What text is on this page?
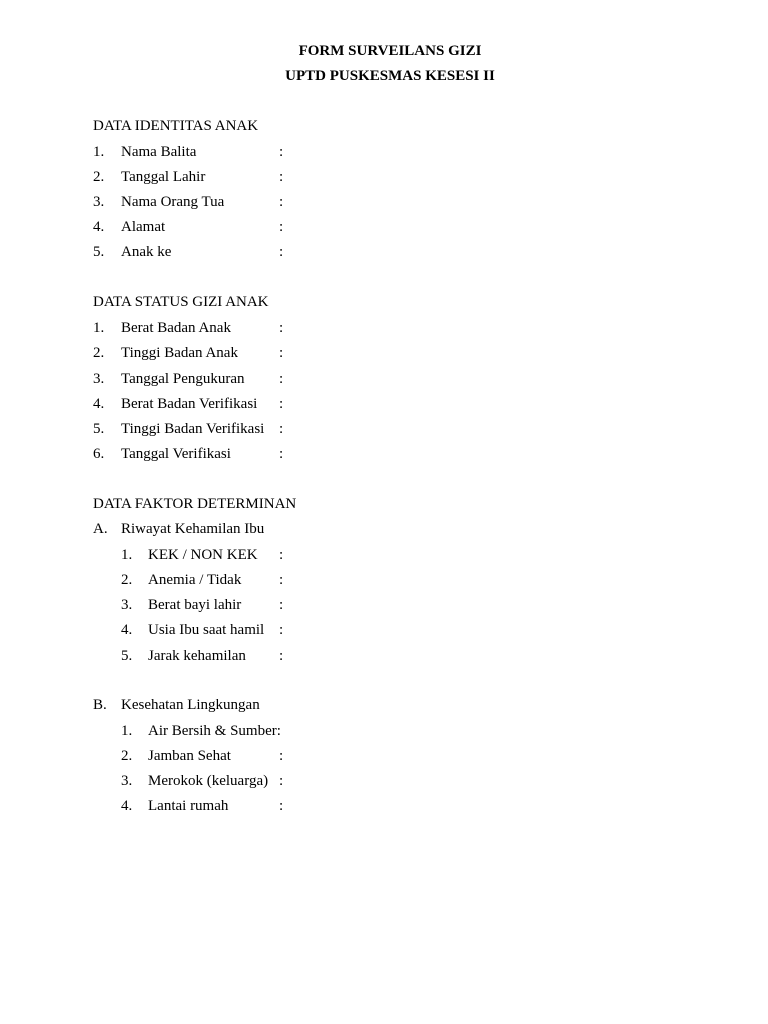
FORM SURVEILANS GIZI
UPTD PUSKESMAS KESESI II
DATA IDENTITAS ANAK
1. Nama Balita	:
2. Tanggal Lahir	:
3. Nama Orang Tua	:
4. Alamat	:
5. Anak ke	:
DATA STATUS GIZI ANAK
1. Berat Badan Anak	:
2. Tinggi Badan Anak	:
3. Tanggal Pengukuran :
4. Berat Badan Verifikasi :
5. Tinggi Badan Verifikasi :
6. Tanggal Verifikasi	:
DATA FAKTOR DETERMINAN
A. Riwayat Kehamilan Ibu
1. KEK / NON KEK :
2. Anemia / Tidak	:
3. Berat bayi lahir	:
4. Usia Ibu saat hamil :
5. Jarak kehamilan :
B. Kesehatan Lingkungan
1. Air Bersih & Sumber:
2. Jamban Sehat	:
3. Merokok (keluarga) :
4. Lantai rumah	:
